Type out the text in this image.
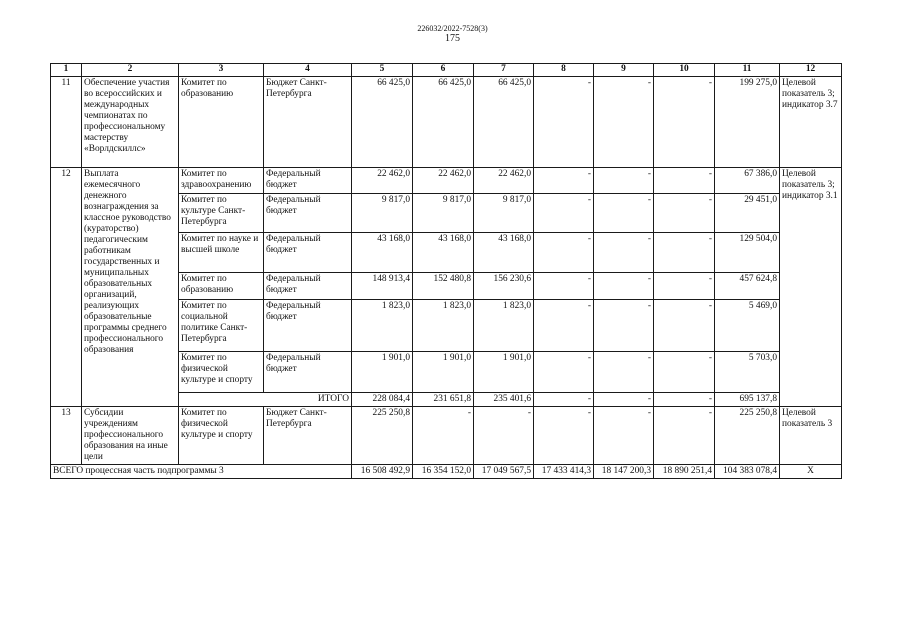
226032/2022-7528(3)
175
1	2	3	4	5	6	7	8	9	10	11	12
11	Обеспечение участия во всероссийских и международных чемпионатах по профессиональному мастерству «Ворлдскиллс»	Комитет по образованию	Бюджет Санкт-Петербурга	66 425,0	66 425,0	66 425,0	-	-	-	199 275,0	Целевой показатель 3; индикатор 3.7
12	Выплата ежемесячного денежного вознаграждения за классное руководство (кураторство) педагогическим работникам государственных и муниципальных образовательных организаций, реализующих образовательные программы среднего профессионального образования	Комитет по здравоохранению	Федеральный бюджет	22 462,0	22 462,0	22 462,0	-	-	-	67 386,0	Целевой показатель 3; индикатор 3.1
		Комитет по культуре Санкт-Петербурга	Федеральный бюджет	9 817,0	9 817,0	9 817,0	-	-	-	29 451,0	
		Комитет по науке и высшей школе	Федеральный бюджет	43 168,0	43 168,0	43 168,0	-	-	-	129 504,0	
		Комитет по образованию	Федеральный бюджет	148 913,4	152 480,8	156 230,6	-	-	-	457 624,8	
		Комитет по социальной политике Санкт-Петербурга	Федеральный бюджет	1 823,0	1 823,0	1 823,0	-	-	-	5 469,0	
		Комитет по физической культуре и спорту	Федеральный бюджет	1 901,0	1 901,0	1 901,0	-	-	-	5 703,0	
		ИТОГО		228 084,4	231 651,8	235 401,6	-	-	-	695 137,8	
13	Субсидии учреждениям профессионального образования на иные цели	Комитет по физической культуре и спорту	Бюджет Санкт-Петербурга	225 250,8	-	-	-	-	-	225 250,8	Целевой показатель 3
ВСЕГО процессная часть подпрограммы 3				16 508 492,9	16 354 152,0	17 049 567,5	17 433 414,3	18 147 200,3	18 890 251,4	104 383 078,4	X
